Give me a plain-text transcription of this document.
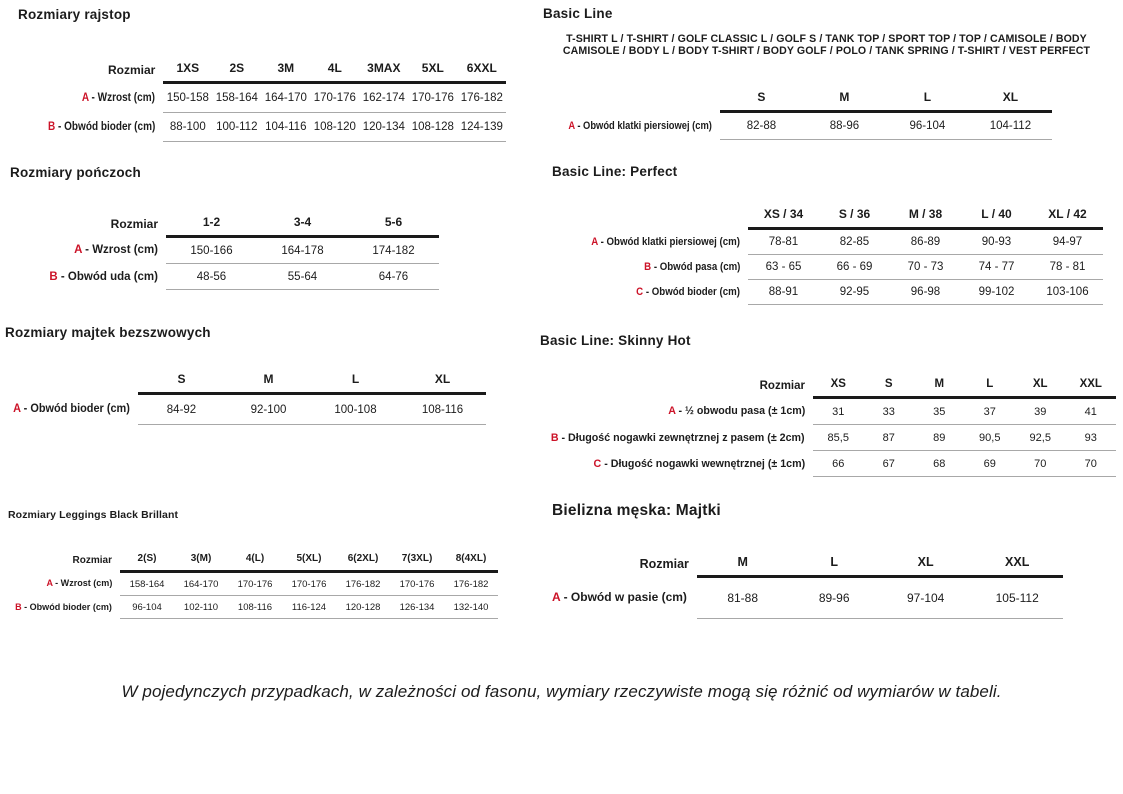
Rozmiary rajstop
Rozmiar	1XS	2S	3M	4L	3MAX	5XL	6XXL
A - Wzrost (cm)	150-158	158-164	164-170	170-176	162-174	170-176	176-182
B - Obwód bioder (cm)	88-100	100-112	104-116	108-120	120-134	108-128	124-139
Rozmiary pończoch
Rozmiar	1-2	3-4	5-6
A - Wzrost (cm)	150-166	164-178	174-182
B - Obwód uda (cm)	48-56	55-64	64-76
Rozmiary majtek bezszwowych
	S	M	L	XL
A - Obwód bioder (cm)	84-92	92-100	100-108	108-116
Rozmiary Leggings Black Brillant
Rozmiar	2(S)	3(M)	4(L)	5(XL)	6(2XL)	7(3XL)	8(4XL)
A - Wzrost (cm)	158-164	164-170	170-176	170-176	176-182	170-176	176-182
B - Obwód bioder (cm)	96-104	102-110	108-116	116-124	120-128	126-134	132-140
Basic Line
T-SHIRT L / T-SHIRT / GOLF CLASSIC L / GOLF S / TANK TOP / SPORT TOP / TOP / CAMISOLE / BODY
CAMISOLE / BODY L / BODY T-SHIRT / BODY GOLF / POLO / TANK SPRING / T-SHIRT / VEST PERFECT
	S	M	L	XL
A - Obwód klatki piersiowej (cm)	82-88	88-96	96-104	104-112
Basic Line: Perfect
	XS / 34	S / 36	M / 38	L / 40	XL / 42
A - Obwód klatki piersiowej (cm)	78-81	82-85	86-89	90-93	94-97
B - Obwód pasa (cm)	63 - 65	66 - 69	70 - 73	74 - 77	78 - 81
C - Obwód bioder (cm)	88-91	92-95	96-98	99-102	103-106
Basic Line: Skinny Hot
Rozmiar	XS	S	M	L	XL	XXL
A - ½ obwodu pasa (± 1cm)	31	33	35	37	39	41
B - Długość nogawki zewnętrznej z pasem (± 2cm)	85,5	87	89	90,5	92,5	93
C - Długość nogawki wewnętrznej (± 1cm)	66	67	68	69	70	70
Bielizna męska: Majtki
Rozmiar	M	L	XL	XXL
A - Obwód w pasie (cm)	81-88	89-96	97-104	105-112
W pojedynczych przypadkach, w zależności od fasonu, wymiary rzeczywiste mogą się różnić od wymiarów w tabeli.
